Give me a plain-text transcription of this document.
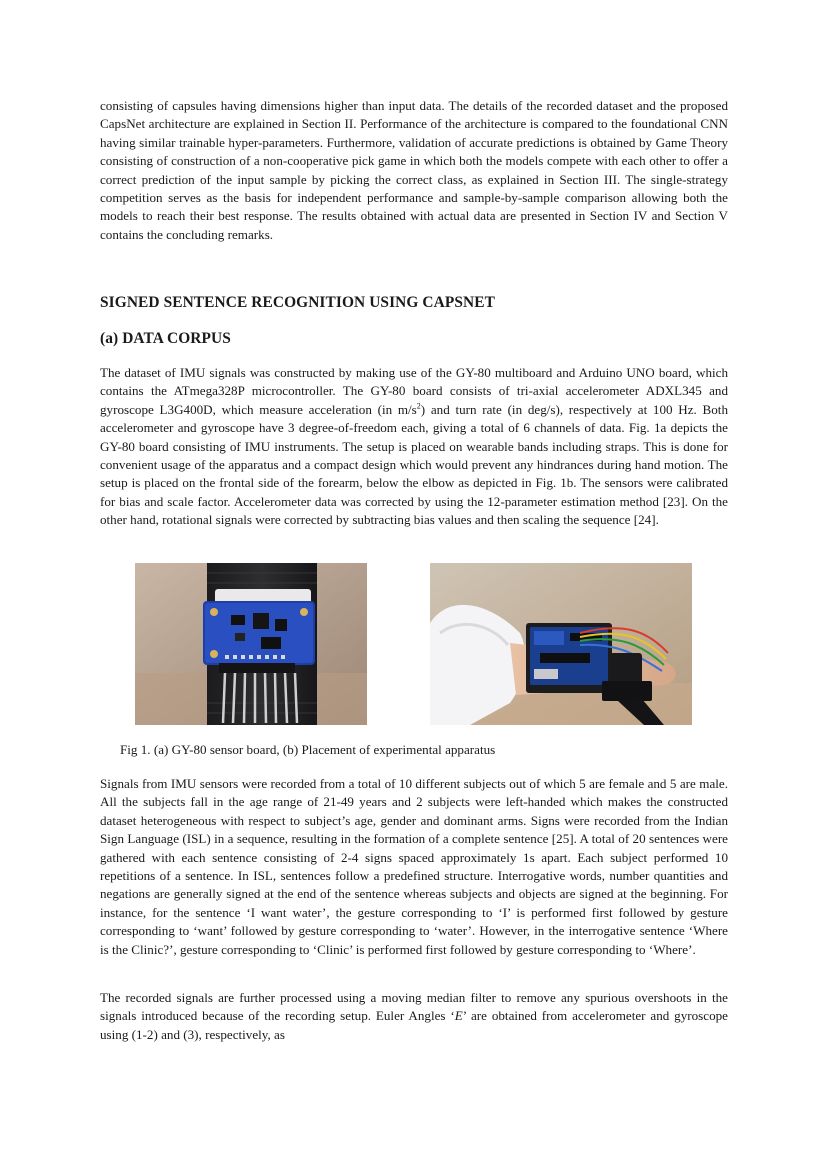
consisting of capsules having dimensions higher than input data. The details of the recorded dataset and the proposed CapsNet architecture are explained in Section II. Performance of the architecture is compared to the foundational CNN having similar trainable hyper-parameters. Furthermore, validation of accurate predictions is obtained by Game Theory consisting of construction of a non-cooperative pick game in which both the models compete with each other to offer a correct prediction of the input sample by picking the correct class, as explained in Section III. The single-strategy competition serves as the basis for independent performance and sample-by-sample comparison allowing both the models to reach their best response. The results obtained with actual data are presented in Section IV and Section V contains the concluding remarks.

SIGNED SENTENCE RECOGNITION USING CAPSNET
(a) DATA CORPUS

The dataset of IMU signals was constructed by making use of the GY-80 multiboard and Arduino UNO board, which contains the ATmega328P microcontroller. The GY-80 board consists of tri-axial accelerometer ADXL345 and gyroscope L3G400D, which measure acceleration (in $m/s^2$) and turn rate (in deg/s), respectively at 100 Hz. Both accelerometer and gyroscope have 3 degree-of-freedom each, giving a total of 6 channels of data. Fig. 1a depicts the GY-80 board consisting of IMU instruments. The setup is placed on wearable bands including straps. This is done for convenient usage of the apparatus and a compact design which would prevent any hindrances during hand motion. The setup is placed on the frontal side of the forearm, below the elbow as depicted in Fig. 1b. The sensors were calibrated for bias and scale factor. Accelerometer data was corrected by using the 12-parameter estimation method [23]. On the other hand, rotational signals were corrected by subtracting bias values and then scaling the sequence [24].

Fig 1. (a) GY-80 sensor board, (b) Placement of experimental apparatus

Signals from IMU sensors were recorded from a total of 10 different subjects out of which 5 are female and 5 are male. All the subjects fall in the age range of 21-49 years and 2 subjects were left-handed which makes the constructed dataset heterogeneous with respect to subject’s age, gender and dominant arms. Signs were recorded from the Indian Sign Language (ISL) in a sequence, resulting in the formation of a complete sentence [25]. A total of 20 sentences were gathered with each sentence consisting of 2-4 signs spaced approximately 1s apart. Each subject performed 10 repetitions of a sentence. In ISL, sentences follow a predefined structure. Interrogative words, number quantities and negations are generally signed at the end of the sentence whereas subjects and objects are signed at the beginning. For instance, for the sentence ‘I want water’, the gesture corresponding to ‘I’ is performed first followed by gesture corresponding to ‘want’ followed by gesture corresponding to ‘water’. However, in the interrogative sentence ‘Where is the Clinic?’, gesture corresponding to ‘Clinic’ is performed first followed by gesture corresponding to ‘Where’.

The recorded signals are further processed using a moving median filter to remove any spurious overshoots in the signals introduced because of the recording setup. Euler Angles ‘E’ are obtained from accelerometer and gyroscope using (1-2) and (3), respectively, as
